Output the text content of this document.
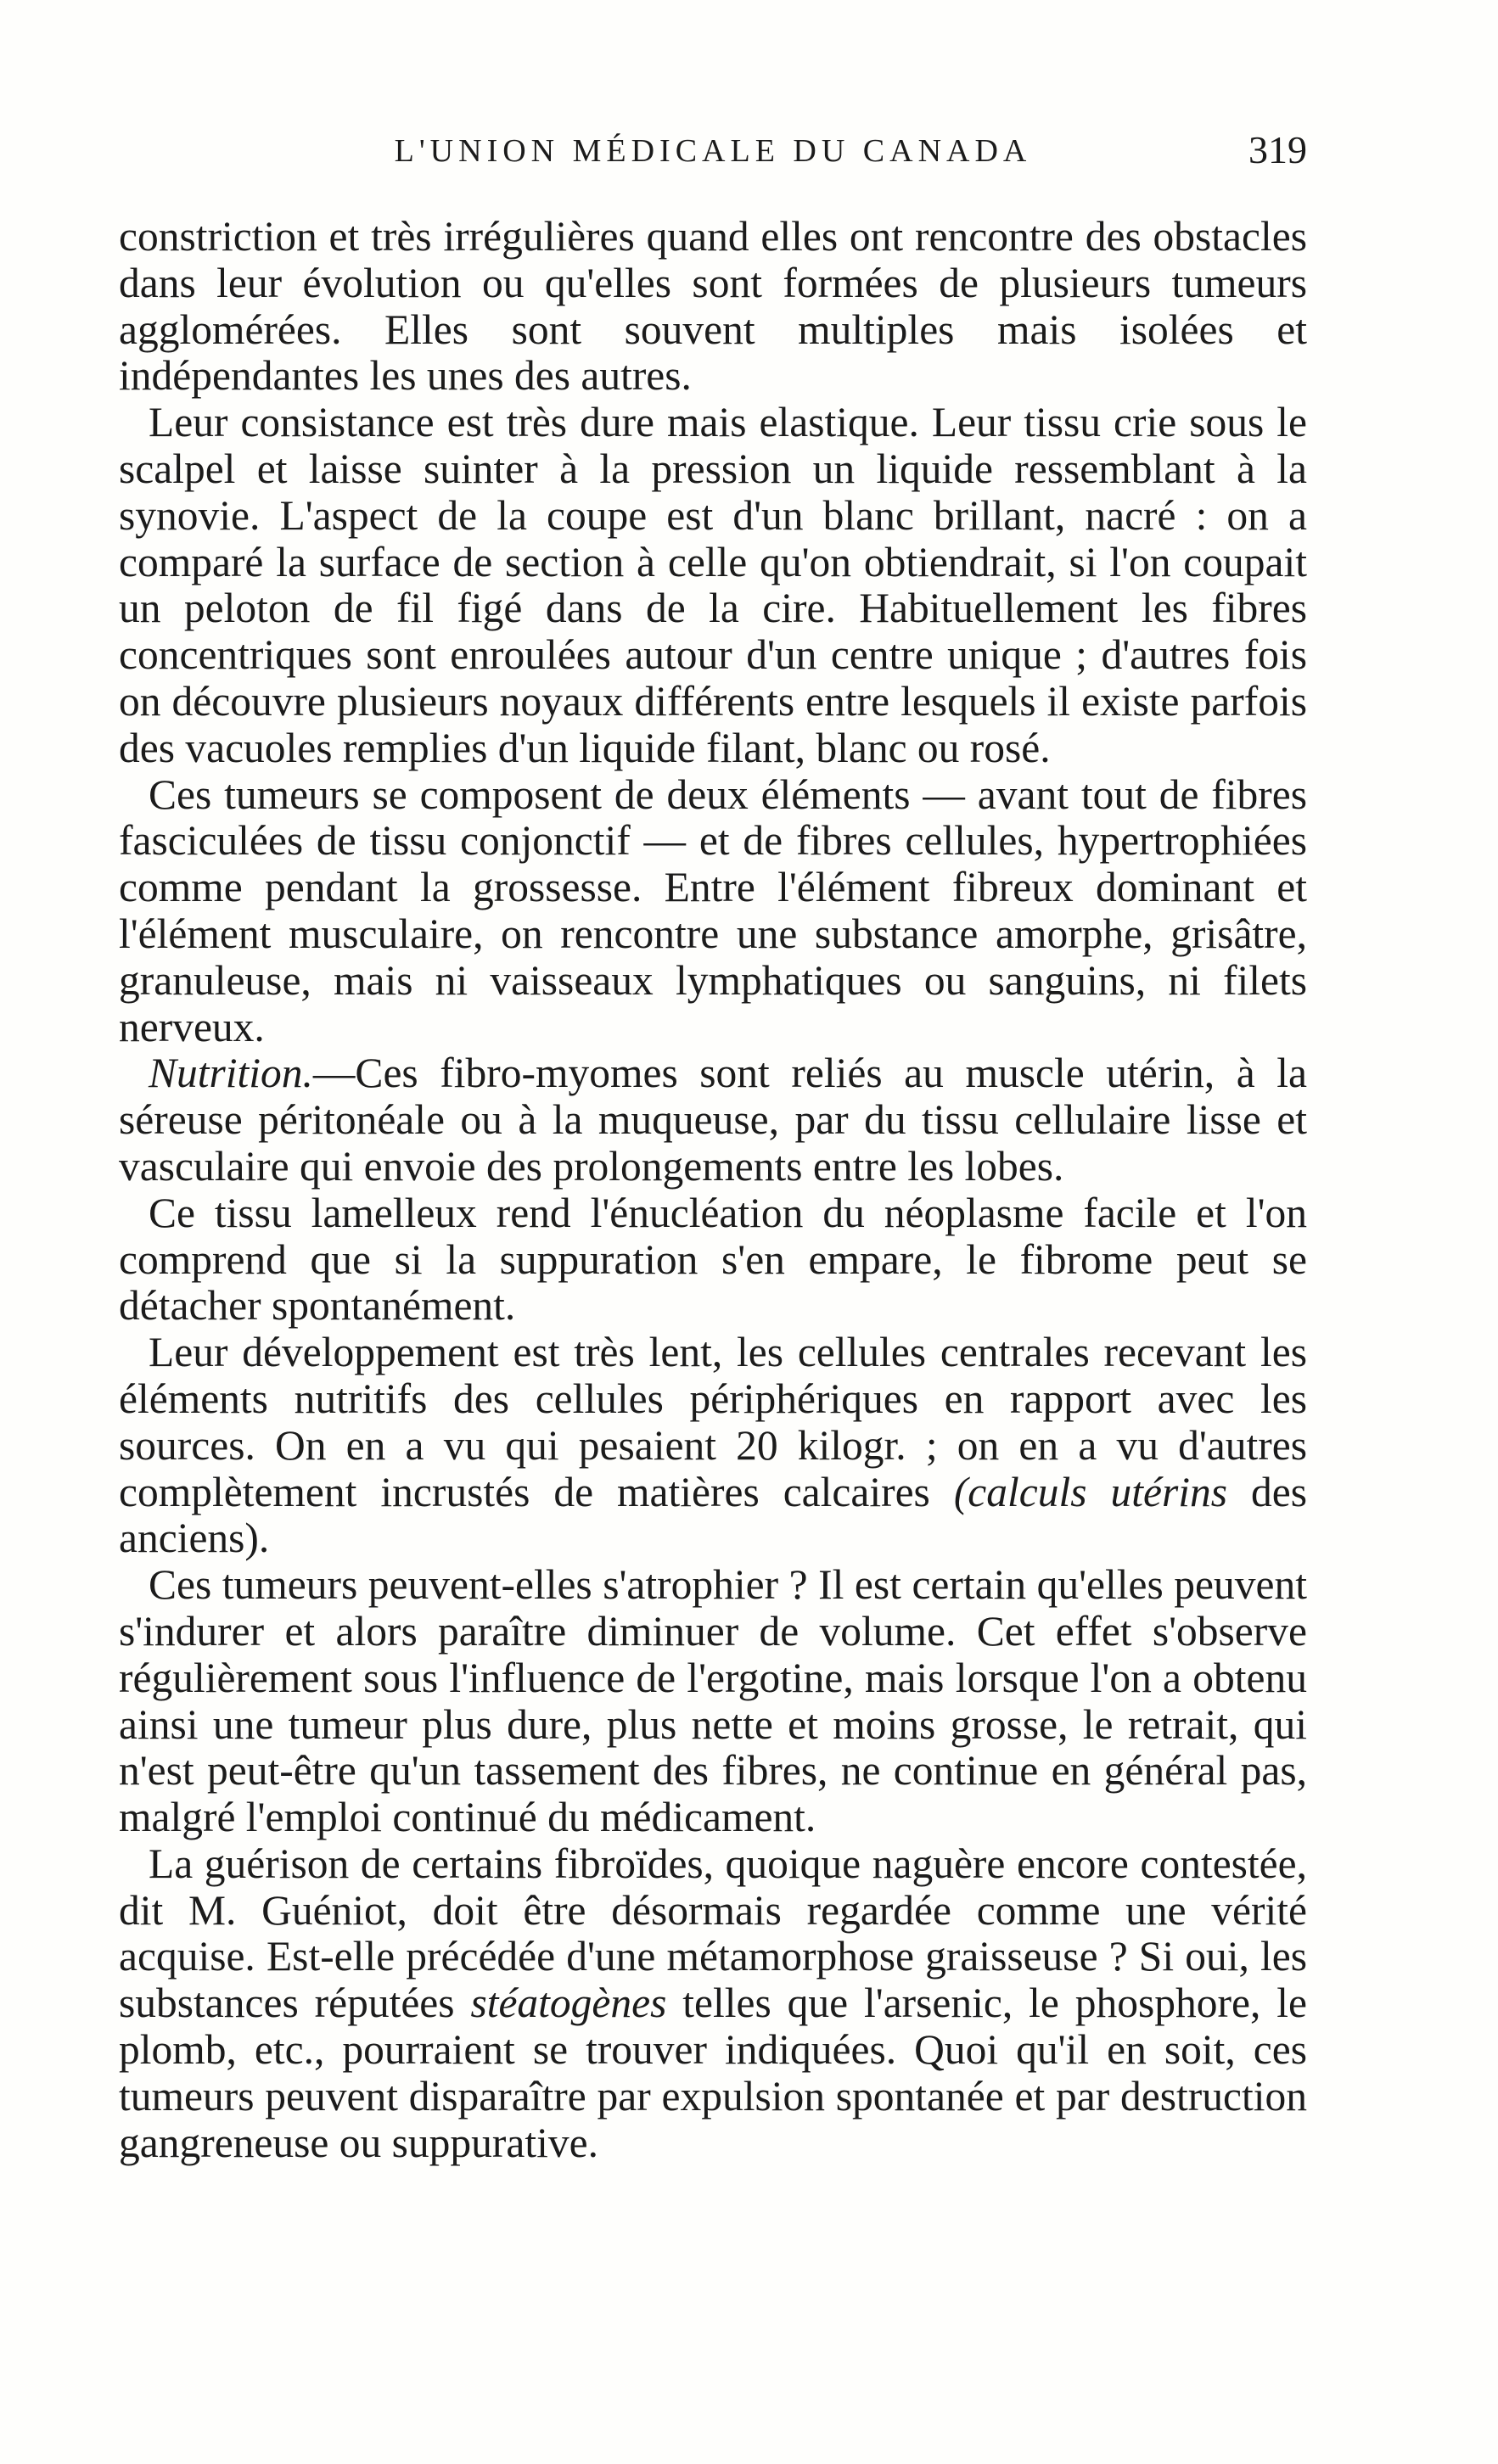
L'UNION MÉDICALE DU CANADA	319

constriction et très irrégulières quand elles ont rencontre des obstacles dans leur évolution ou qu'elles sont formées de plusieurs tumeurs agglomérées. Elles sont souvent multiples mais isolées et indépendantes les unes des autres.

Leur consistance est très dure mais elastique. Leur tissu crie sous le scalpel et laisse suinter à la pression un liquide ressemblant à la synovie. L'aspect de la coupe est d'un blanc brillant, nacré : on a comparé la surface de section à celle qu'on obtiendrait, si l'on coupait un peloton de fil figé dans de la cire. Habituellement les fibres concentriques sont enroulées autour d'un centre unique ; d'autres fois on découvre plusieurs noyaux différents entre lesquels il existe parfois des vacuoles remplies d'un liquide filant, blanc ou rosé.

Ces tumeurs se composent de deux éléments — avant tout de fibres fasciculées de tissu conjonctif — et de fibres cellules, hypertrophiées comme pendant la grossesse. Entre l'élément fibreux dominant et l'élément musculaire, on rencontre une substance amorphe, grisâtre, granuleuse, mais ni vaisseaux lymphatiques ou sanguins, ni filets nerveux.

Nutrition.—Ces fibro-myomes sont reliés au muscle utérin, à la séreuse péritonéale ou à la muqueuse, par du tissu cellulaire lisse et vasculaire qui envoie des prolongements entre les lobes.

Ce tissu lamelleux rend l'énucléation du néoplasme facile et l'on comprend que si la suppuration s'en empare, le fibrome peut se détacher spontanément.

Leur développement est très lent, les cellules centrales recevant les éléments nutritifs des cellules périphériques en rapport avec les sources. On en a vu qui pesaient 20 kilogr. ; on en a vu d'autres complètement incrustés de matières calcaires (calculs utérins des anciens).

Ces tumeurs peuvent-elles s'atrophier ? Il est certain qu'elles peuvent s'indurer et alors paraître diminuer de volume. Cet effet s'observe régulièrement sous l'influence de l'ergotine, mais lorsque l'on a obtenu ainsi une tumeur plus dure, plus nette et moins grosse, le retrait, qui n'est peut-être qu'un tassement des fibres, ne continue en général pas, malgré l'emploi continué du médicament.

La guérison de certains fibroïdes, quoique naguère encore contestée, dit M. Guéniot, doit être désormais regardée comme une vérité acquise. Est-elle précédée d'une métamorphose graisseuse ? Si oui, les substances réputées stéatogènes telles que l'arsenic, le phosphore, le plomb, etc., pourraient se trouver indiquées. Quoi qu'il en soit, ces tumeurs peuvent disparaître par expulsion spontanée et par destruction gangreneuse ou suppurative.
